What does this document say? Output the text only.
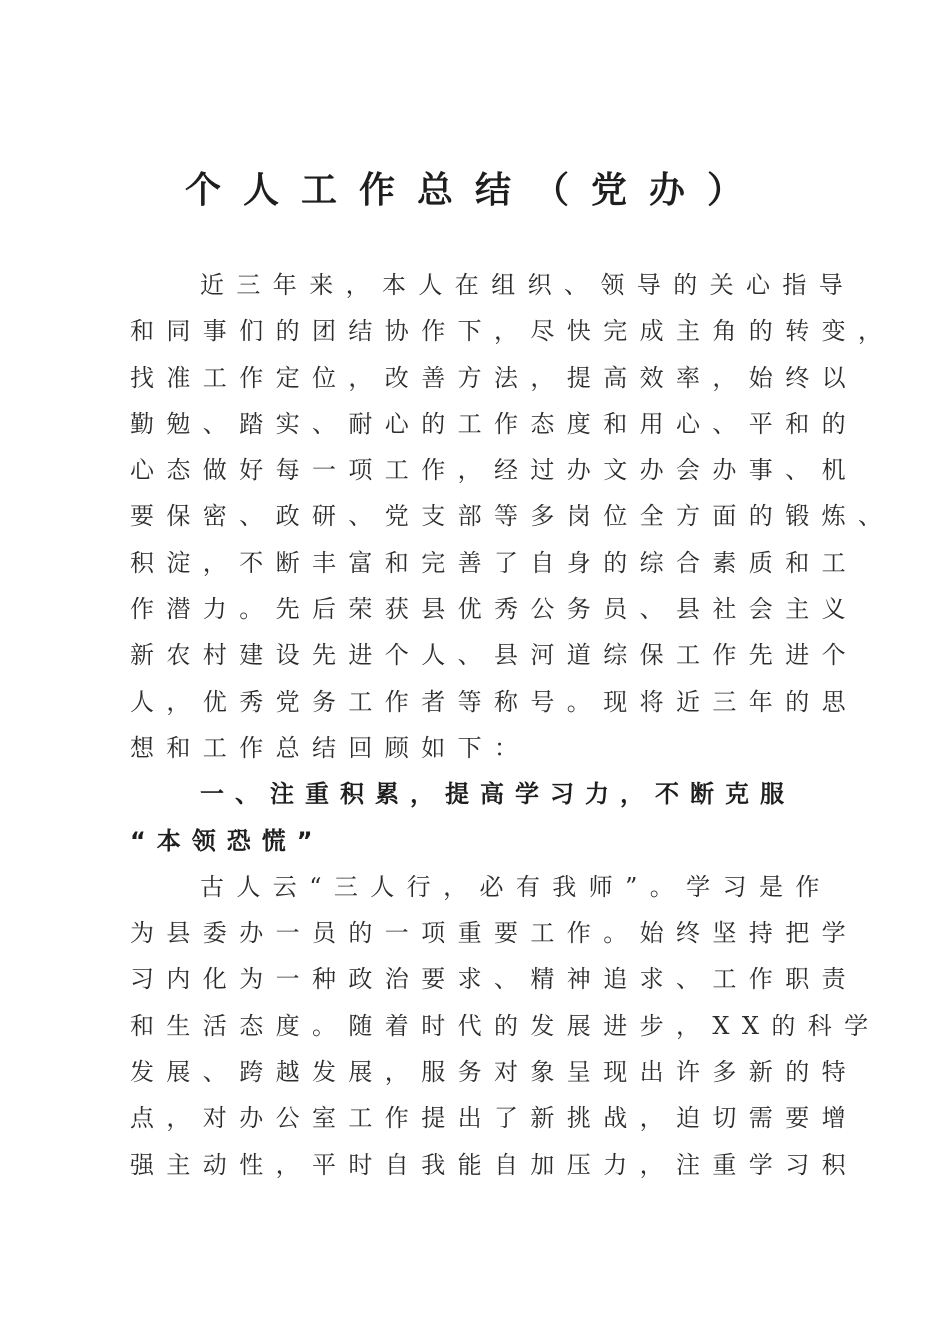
个人工作总结（党办）
近三年来，本人在组织、领导的关心指导
和同事们的团结协作下，尽快完成主角的转变，
找准工作定位，改善方法，提高效率，始终以
勤勉、踏实、耐心的工作态度和用心、平和的
心态做好每一项工作，经过办文办会办事、机
要保密、政研、党支部等多岗位全方面的锻炼、
积淀，不断丰富和完善了自身的综合素质和工
作潜力。先后荣获县优秀公务员、县社会主义
新农村建设先进个人、县河道综保工作先进个
人，优秀党务工作者等称号。现将近三年的思
想和工作总结回顾如下：
一、注重积累，提高学习力，不断克服
“本领恐慌”
古人云“三人行，必有我师”。学习是作
为县委办一员的一项重要工作。始终坚持把学
习内化为一种政治要求、精神追求、工作职责
和生活态度。随着时代的发展进步，XX的科学
发展、跨越发展，服务对象呈现出许多新的特
点，对办公室工作提出了新挑战，迫切需要增
强主动性，平时自我能自加压力，注重学习积
